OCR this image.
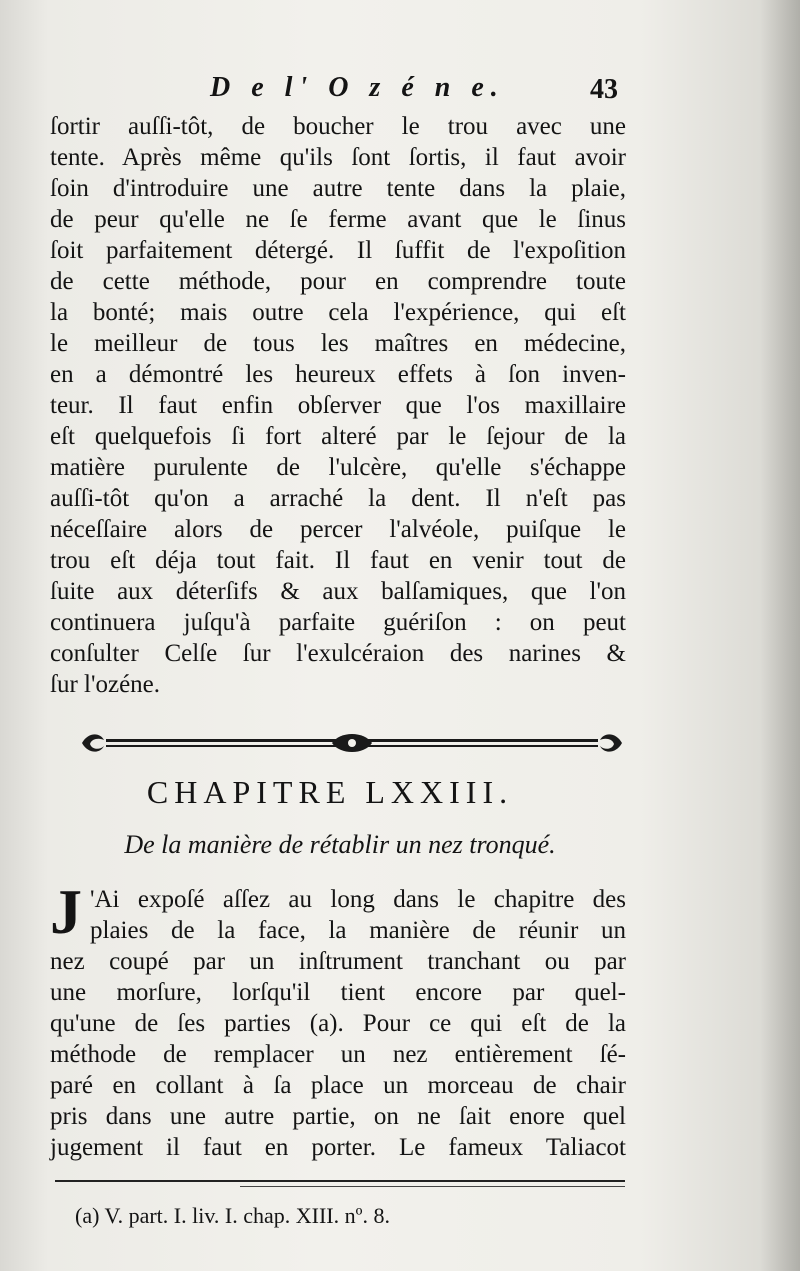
D e l' O z é n e.	43
ſortir auſſi-tôt, de boucher le trou avec une
tente. Après même qu'ils ſont ſortis, il faut avoir
ſoin d'introduire une autre tente dans la plaie,
de peur qu'elle ne ſe ferme avant que le ſinus
ſoit parfaitement détergé. Il ſuffit de l'expoſition
de cette méthode, pour en comprendre toute
la bonté; mais outre cela l'expérience, qui eſt
le meilleur de tous les maîtres en médecine,
en a démontré les heureux effets à ſon inven-
teur. Il faut enfin obſerver que l'os maxillaire
eſt quelquefois ſi fort alteré par le ſejour de la
matière purulente de l'ulcère, qu'elle s'échappe
auſſi-tôt qu'on a arraché la dent. Il n'eſt pas
néceſſaire alors de percer l'alvéole, puiſque le
trou eſt déja tout fait. Il faut en venir tout de
ſuite aux déterſifs & aux balſamiques, que l'on
continuera juſqu'à parfaite guériſon : on peut
conſulter Celſe ſur l'exulcéraion des narines &
ſur l'ozéne.
CHAPITRE LXXIII.
De la manière de rétablir un nez tronqué.
J 'Ai expoſé aſſez au long dans le chapitre des
plaies de la face, la manière de réunir un
nez coupé par un inſtrument tranchant ou par
une morſure, lorſqu'il tient encore par quel-
qu'une de ſes parties (a). Pour ce qui eſt de la
méthode de remplacer un nez entièrement ſé-
paré en collant à ſa place un morceau de chair
pris dans une autre partie, on ne ſait enore quel
jugement il faut en porter. Le fameux Taliacot
(a) V. part. I. liv. I. chap. XIII. nº. 8.
